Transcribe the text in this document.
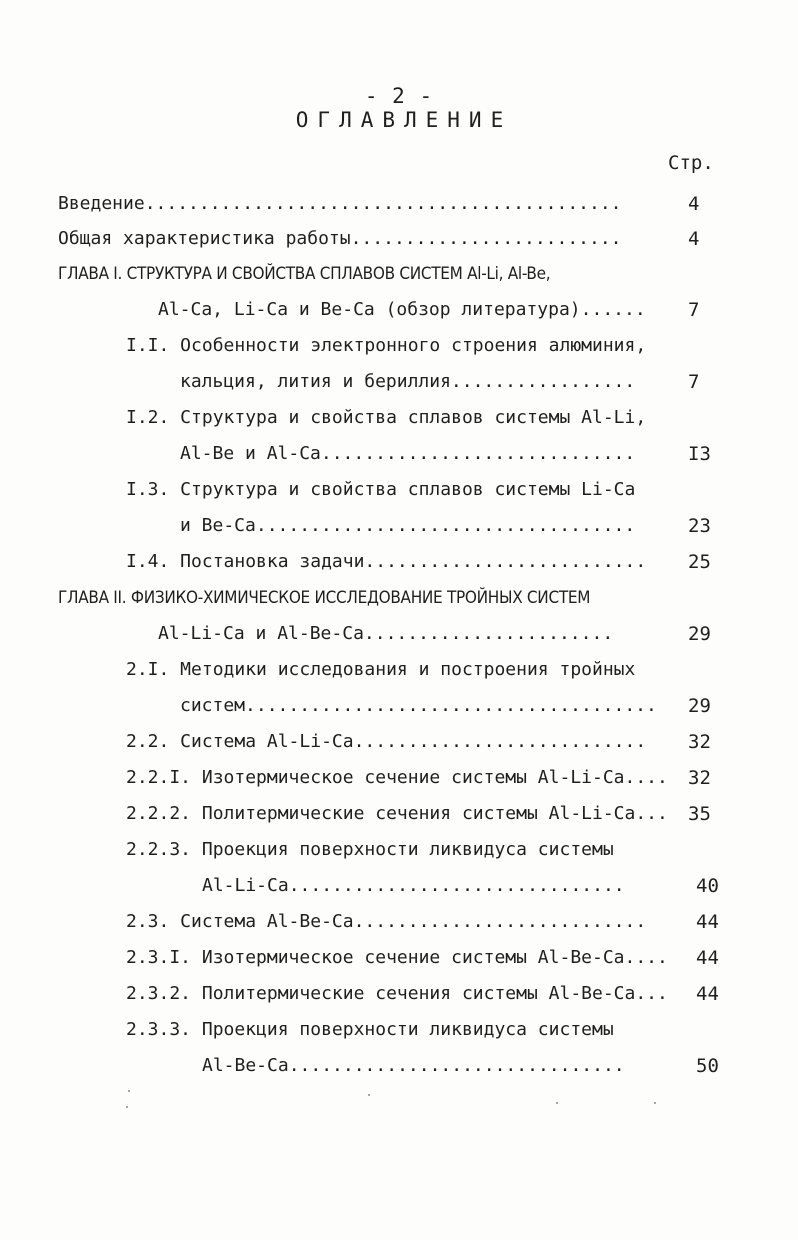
- 2 -
ОГЛАВЛЕНИЕ
Стр.
Введение............................................	4
Общая характеристика работы.........................	4
ГЛАВА I. СТРУКТУРА И СВОЙСТВА СПЛАВОВ СИСТЕМ Al-Li, Al-Be,
Al-Ca, Li-Ca и Be-Ca (обзор литература)...... 7
I.I. Особенности электронного строения алюминия,
кальция, лития и бериллия.................	7
I.2. Структура и свойства сплавов системы Al-Li,
Al-Be и Al-Ca.............................	I3
I.3. Структура и свойства сплавов системы Li-Ca
и Be-Ca...................................	23
I.4. Постановка задачи.......................... 25
ГЛАВА II. ФИЗИКО-ХИМИЧЕСКОЕ ИССЛЕДОВАНИЕ ТРОЙНЫХ СИСТЕМ
Al-Li-Ca и Al-Be-Ca.......................	29
2.I. Методики исследования и построения тройных
систем...................................... 29
2.2. Система Al-Li-Ca........................... 32
2.2.I. Изотермическое сечение системы Al-Li-Ca.... 32
2.2.2. Политермические сечения системы Al-Li-Ca... 35
2.2.3. Проекция поверхности ликвидуса системы
Al-Li-Ca...............................	40
2.3. Система Al-Be-Ca...........................	44
2.3.I. Изотермическое сечение системы Al-Be-Ca.... 44
2.3.2. Политермические сечения системы Al-Be-Ca... 44
2.3.3. Проекция поверхности ликвидуса системы
Al-Be-Ca...............................	50
